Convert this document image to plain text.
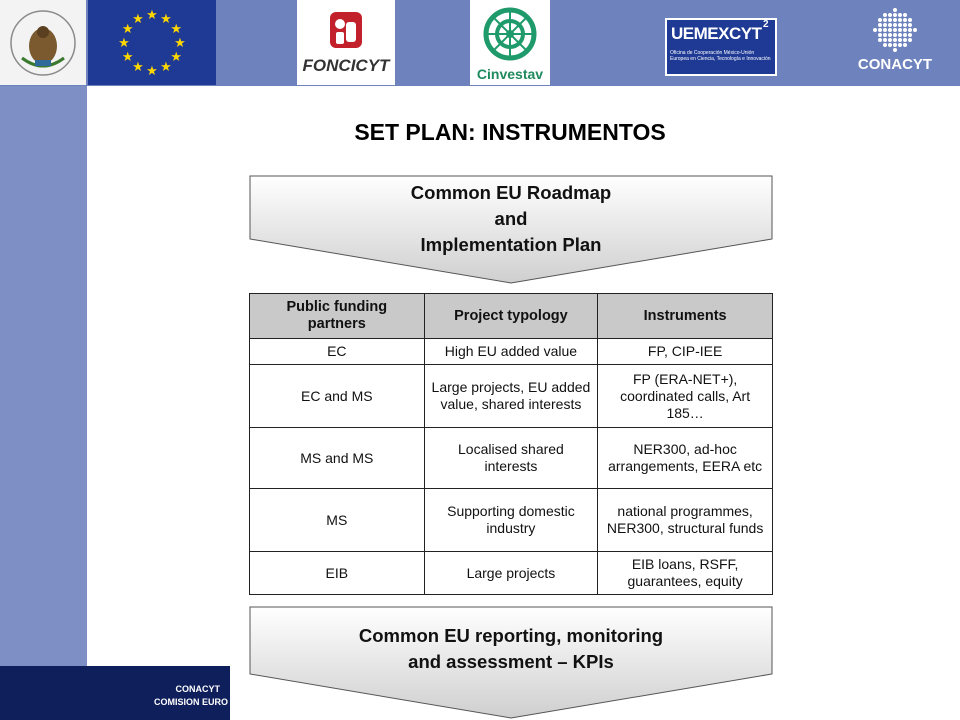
★ ★
★
★
★
★
★
★
★
★
★
★
FONCICYT	Cinvestav
UEMEXCYT 2
Oficina de Cooperación México-Unión Europea en Ciencia, Tecnología e Innovación	CONACYT
CONACYT
COMISION EURO
SET PLAN: INSTRUMENTOS
Common EU Roadmap
and
Implementation Plan
Public funding partners	Project typology	Instruments
EC	High EU added value	FP, CIP-IEE
EC and MS	Large projects, EU added value, shared interests	FP (ERA-NET+), coordinated calls, Art 185…
MS and MS	Localised shared interests	NER300, ad-hoc arrangements, EERA etc
MS	Supporting domestic industry	national programmes, NER300, structural funds
EIB	Large projects	EIB loans, RSFF, guarantees, equity
Common EU reporting, monitoring
and assessment – KPIs
